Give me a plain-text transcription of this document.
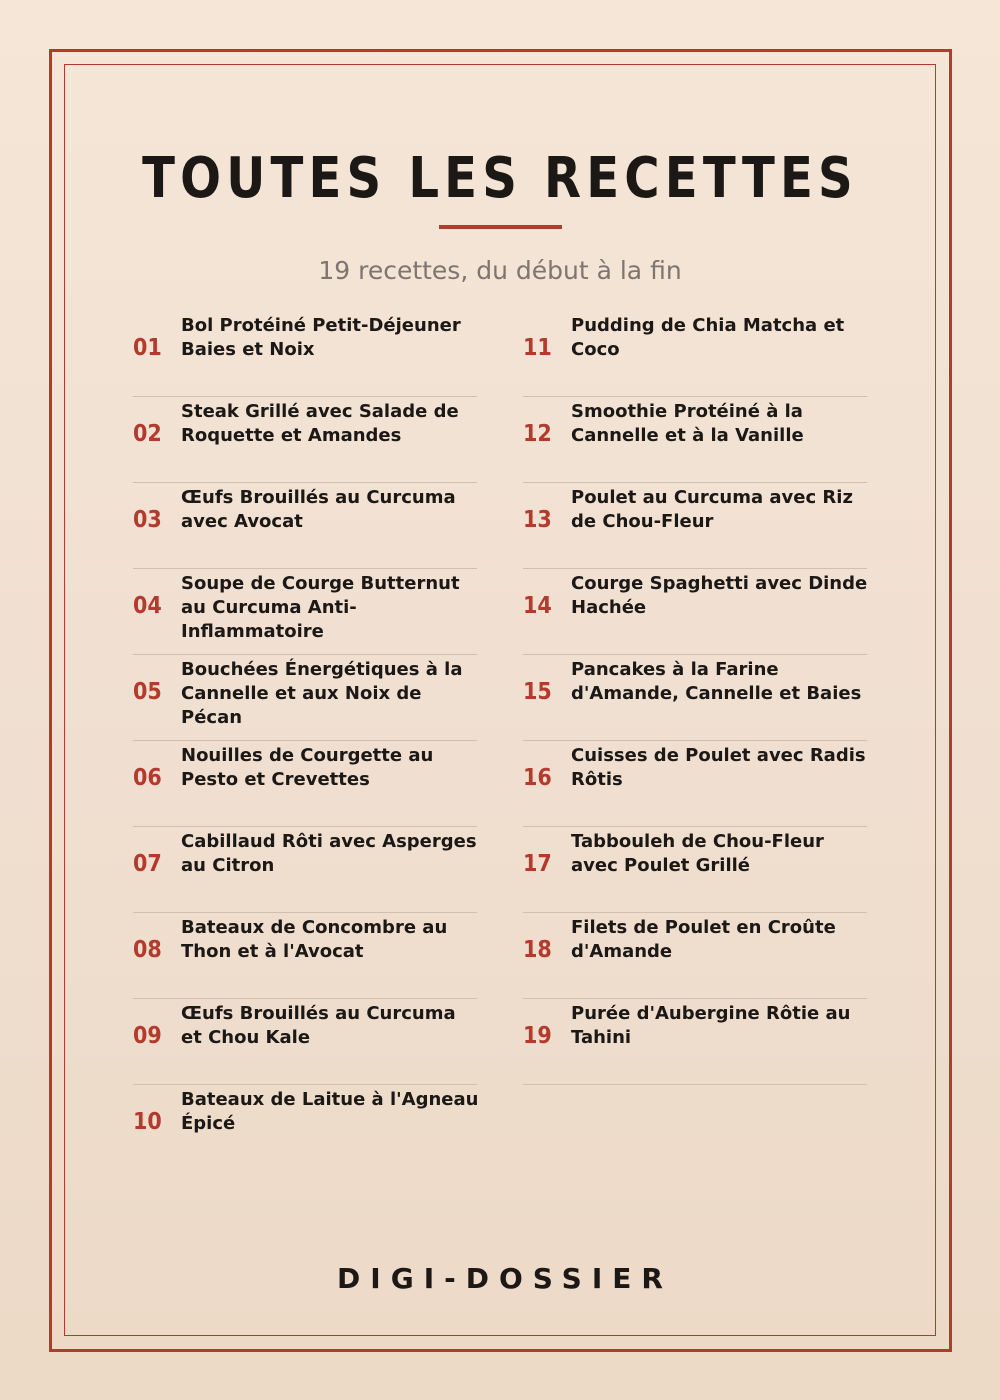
TOUTES LES RECETTES
19 recettes, du début à la fin
01
Bol Protéiné Petit-Déjeuner Baies et Noix
02
Steak Grillé avec Salade de Roquette et Amandes
03
Œufs Brouillés au Curcuma avec Avocat
04
Soupe de Courge Butternut au Curcuma Anti-Inflammatoire
05
Bouchées Énergétiques à la Cannelle et aux Noix de Pécan
06
Nouilles de Courgette au Pesto et Crevettes
07
Cabillaud Rôti avec Asperges au Citron
08
Bateaux de Concombre au Thon et à l'Avocat
09
Œufs Brouillés au Curcuma et Chou Kale
10
Bateaux de Laitue à l'Agneau Épicé
11
Pudding de Chia Matcha et Coco
12
Smoothie Protéiné à la Cannelle et à la Vanille
13
Poulet au Curcuma avec Riz de Chou-Fleur
14
Courge Spaghetti avec Dinde Hachée
15
Pancakes à la Farine d'Amande, Cannelle et Baies
16
Cuisses de Poulet avec Radis Rôtis
17
Tabbouleh de Chou-Fleur avec Poulet Grillé
18
Filets de Poulet en Croûte d'Amande
19
Purée d'Aubergine Rôtie au Tahini
DIGI-DOSSIER
